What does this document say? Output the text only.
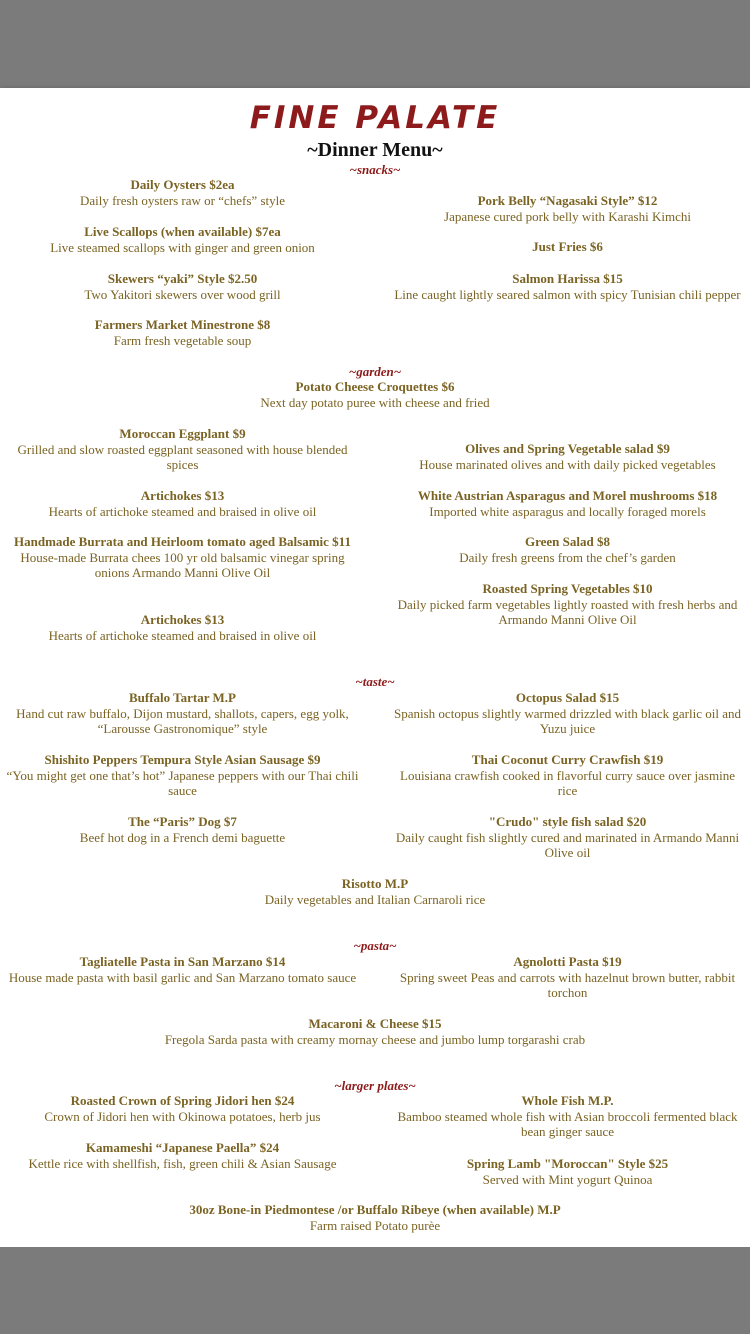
FINE PALATE
~Dinner Menu~
~snacks~
Daily Oysters $2ea
Daily fresh oysters raw or “chefs” style
Live Scallops (when available) $7ea
Live steamed scallops with ginger and green onion
Skewers “yaki” Style $2.50
Two Yakitori skewers over wood grill
Farmers Market Minestrone $8
Farm fresh vegetable soup
Pork Belly “Nagasaki Style” $12
Japanese cured pork belly with Karashi Kimchi
Just Fries $6
Salmon Harissa $15
Line caught lightly seared salmon with spicy Tunisian chili pepper
~garden~
Potato Cheese Croquettes $6
Next day potato puree with cheese and fried
Moroccan Eggplant $9
Grilled and slow roasted eggplant seasoned with house blended spices
Artichokes $13
Hearts of artichoke steamed and braised in olive oil
Handmade Burrata and Heirloom tomato aged Balsamic $11
House-made Burrata chees 100 yr old balsamic vinegar spring onions Armando Manni Olive Oil
Artichokes $13
Hearts of artichoke steamed and braised in olive oil
Olives and Spring Vegetable salad $9
House marinated olives and with daily picked vegetables
White Austrian Asparagus and Morel mushrooms $18
Imported white asparagus and locally foraged morels
Green Salad $8
Daily fresh greens from the chef’s garden
Roasted Spring Vegetables $10
Daily picked farm vegetables lightly roasted with fresh herbs and Armando Manni Olive Oil
~taste~
Buffalo Tartar M.P
Hand cut raw buffalo, Dijon mustard, shallots, capers, egg yolk, “Larousse Gastronomique” style
Shishito Peppers Tempura Style Asian Sausage $9
“You might get one that’s hot” Japanese peppers with our Thai chili sauce
The “Paris” Dog $7
Beef hot dog in a French demi baguette
Octopus Salad $15
Spanish octopus slightly warmed drizzled with black garlic oil and Yuzu juice
Thai Coconut Curry Crawfish $19
Louisiana crawfish cooked in flavorful curry sauce over jasmine rice
"Crudo" style fish salad $20
Daily caught fish slightly cured and marinated in Armando Manni Olive oil
Risotto M.P
Daily vegetables and Italian Carnaroli rice
~pasta~
Tagliatelle Pasta in San Marzano $14
House made pasta with basil garlic and San Marzano tomato sauce
Agnolotti Pasta $19
Spring sweet Peas and carrots with hazelnut brown butter, rabbit torchon
Macaroni & Cheese $15
Fregola Sarda pasta with creamy mornay cheese and jumbo lump torgarashi crab
~larger plates~
Roasted Crown of Spring Jidori hen $24
Crown of Jidori hen with Okinowa potatoes, herb jus
Kamameshi “Japanese Paella” $24
Kettle rice with shellfish, fish, green chili & Asian Sausage
Whole Fish M.P.
Bamboo steamed whole fish with Asian broccoli fermented black bean ginger sauce
Spring Lamb "Moroccan" Style $25
Served with Mint yogurt Quinoa
30oz Bone-in Piedmontese /or Buffalo Ribeye (when available) M.P
Farm raised Potato purèe
